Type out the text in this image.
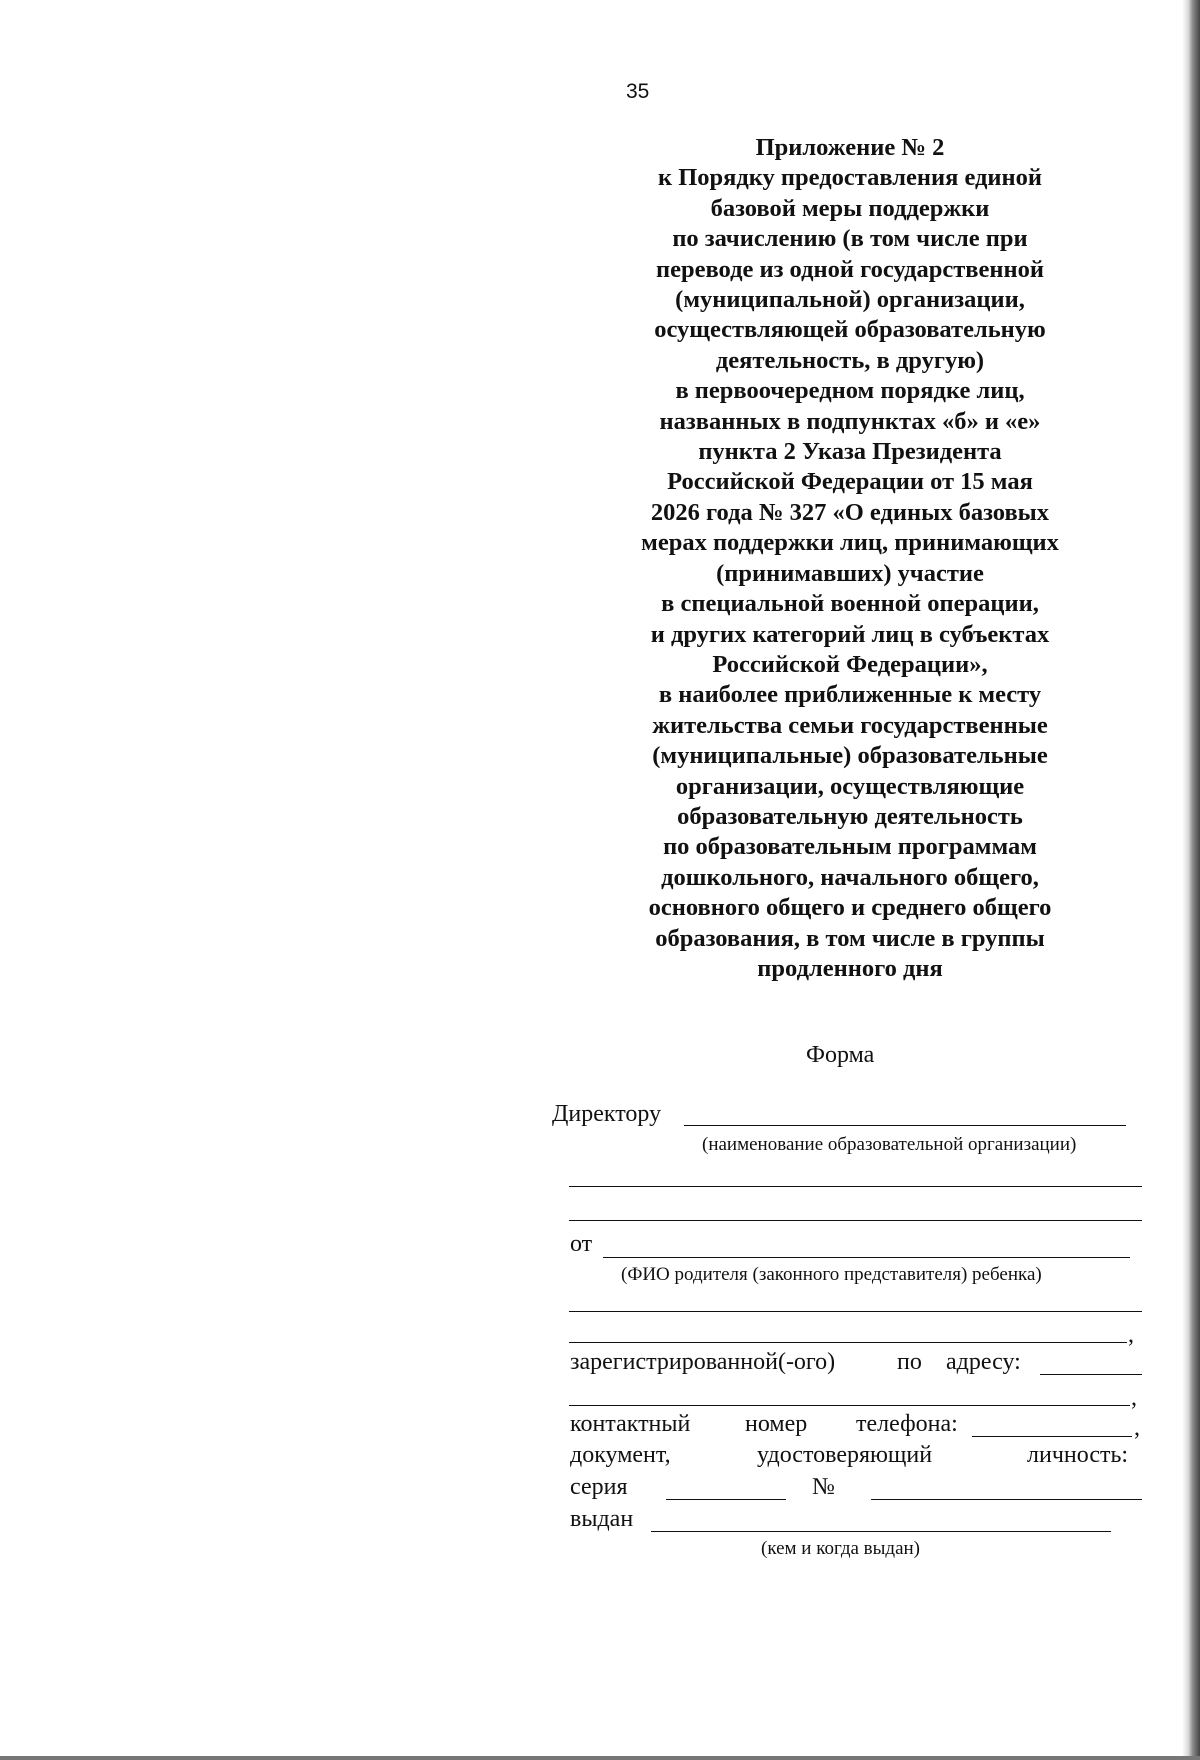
35
Приложение № 2
к Порядку предоставления единой
базовой меры поддержки
по зачислению (в том числе при
переводе из одной государственной
(муниципальной) организации,
осуществляющей образовательную
деятельность, в другую)
в первоочередном порядке лиц,
названных в подпунктах «б» и «е»
пункта 2 Указа Президента
Российской Федерации от 15 мая
2026 года № 327 «О единых базовых
мерах поддержки лиц, принимающих
(принимавших) участие
в специальной военной операции,
и других категорий лиц в субъектах
Российской Федерации»,
в наиболее приближенные к месту
жительства семьи государственные
(муниципальные) образовательные
организации, осуществляющие
образовательную деятельность
по образовательным программам
дошкольного, начального общего,
основного общего и среднего общего
образования, в том числе в группы
продленного дня
Форма
Директору
(наименование образовательной организации)
от
(ФИО родителя (законного представителя) ребенка)
,
зарегистрированной(-ого)	по адресу:
,
контактный номер телефона:	,
документ,	удостоверяющий	личность:
серия	№
выдан
(кем и когда выдан)
